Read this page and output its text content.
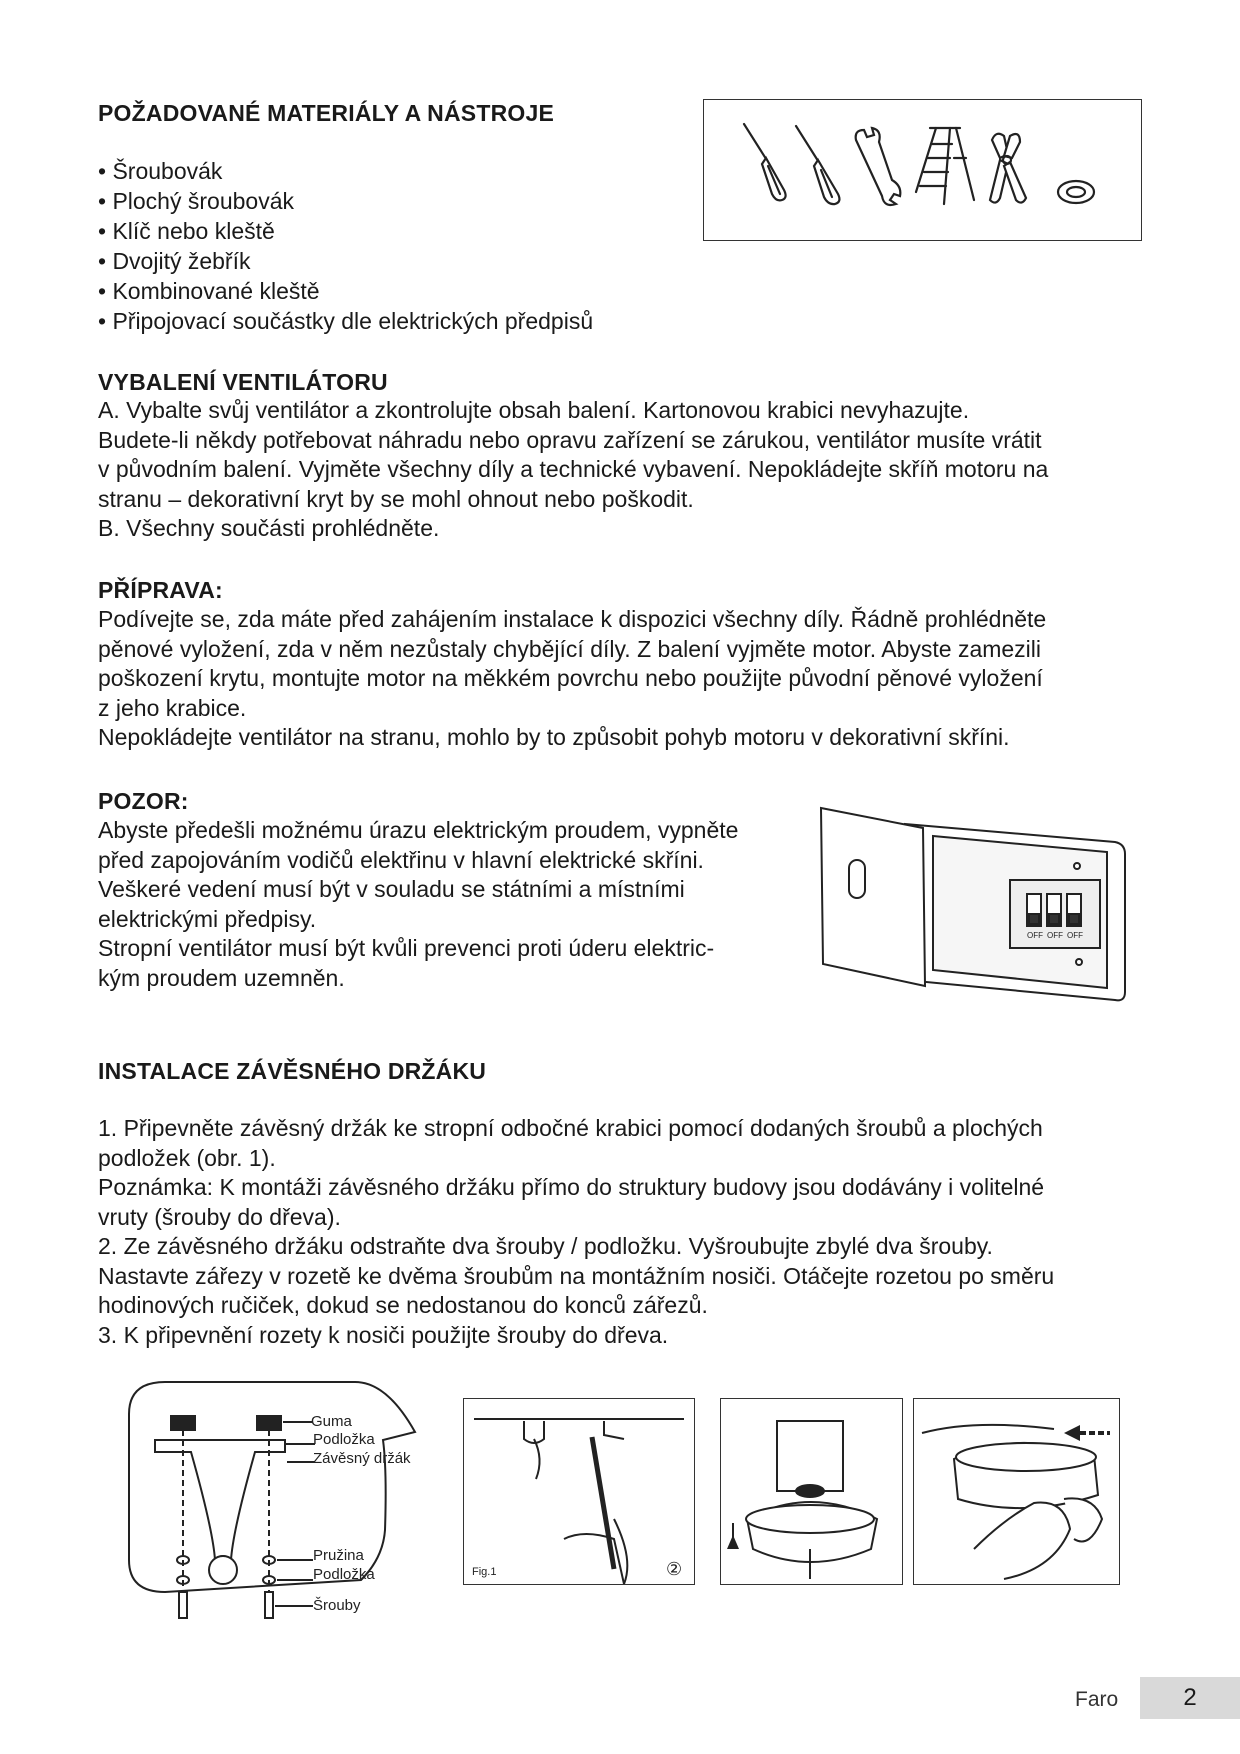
POŽADOVANÉ MATERIÁLY A NÁSTROJE
• Šroubovák
• Plochý šroubovák
• Klíč nebo kleště
• Dvojitý žebřík
• Kombinované kleště
• Připojovací součástky dle elektrických předpisů
VYBALENÍ VENTILÁTORU
A. Vybalte svůj ventilátor a zkontrolujte obsah balení. Kartonovou krabici nevyhazujte.
Budete-li někdy potřebovat náhradu nebo opravu zařízení se zárukou, ventilátor musíte vrátit
v původním balení. Vyjměte všechny díly a technické vybavení. Nepokládejte skříň motoru na
stranu – dekorativní kryt by se mohl ohnout nebo poškodit.
B. Všechny součásti prohlédněte.
PŘÍPRAVA:
Podívejte se, zda máte před zahájením instalace k dispozici všechny díly. Řádně prohlédněte
pěnové vyložení, zda v něm nezůstaly chybějící díly. Z balení vyjměte motor. Abyste zamezili
poškození krytu, montujte motor na měkkém povrchu nebo použijte původní pěnové vyložení
z jeho krabice.
Nepokládejte ventilátor na stranu, mohlo by to způsobit pohyb motoru v dekorativní skříni.
POZOR:
Abyste předešli možnému úrazu elektrickým proudem, vypněte
před zapojováním vodičů elektřinu v hlavní elektrické skříni.
Veškeré vedení musí být v souladu se státními a místními
elektrickými předpisy.
Stropní ventilátor musí být kvůli prevenci proti úderu elektric-
kým proudem uzemněn.
OFF OFF OFF
INSTALACE ZÁVĚSNÉHO DRŽÁKU
1. Připevněte závěsný držák ke stropní odbočné krabici pomocí dodaných šroubů a plochých
podložek (obr. 1).
Poznámka: K montáži závěsného držáku přímo do struktury budovy jsou dodávány i volitelné
vruty (šrouby do dřeva).
2. Ze závěsného držáku odstraňte dva šrouby / podložku. Vyšroubujte zbylé dva šrouby.
Nastavte zářezy v rozetě ke dvěma šroubům na montážním nosiči. Otáčejte rozetou po směru
hodinových ručiček, dokud se nedostanou do konců zářezů.
3. K připevnění rozety k nosiči použijte šrouby do dřeva.
Guma
Podložka
Závěsný držák
Pružina
Podložka
Šrouby
Fig.1	②
Faro	2
